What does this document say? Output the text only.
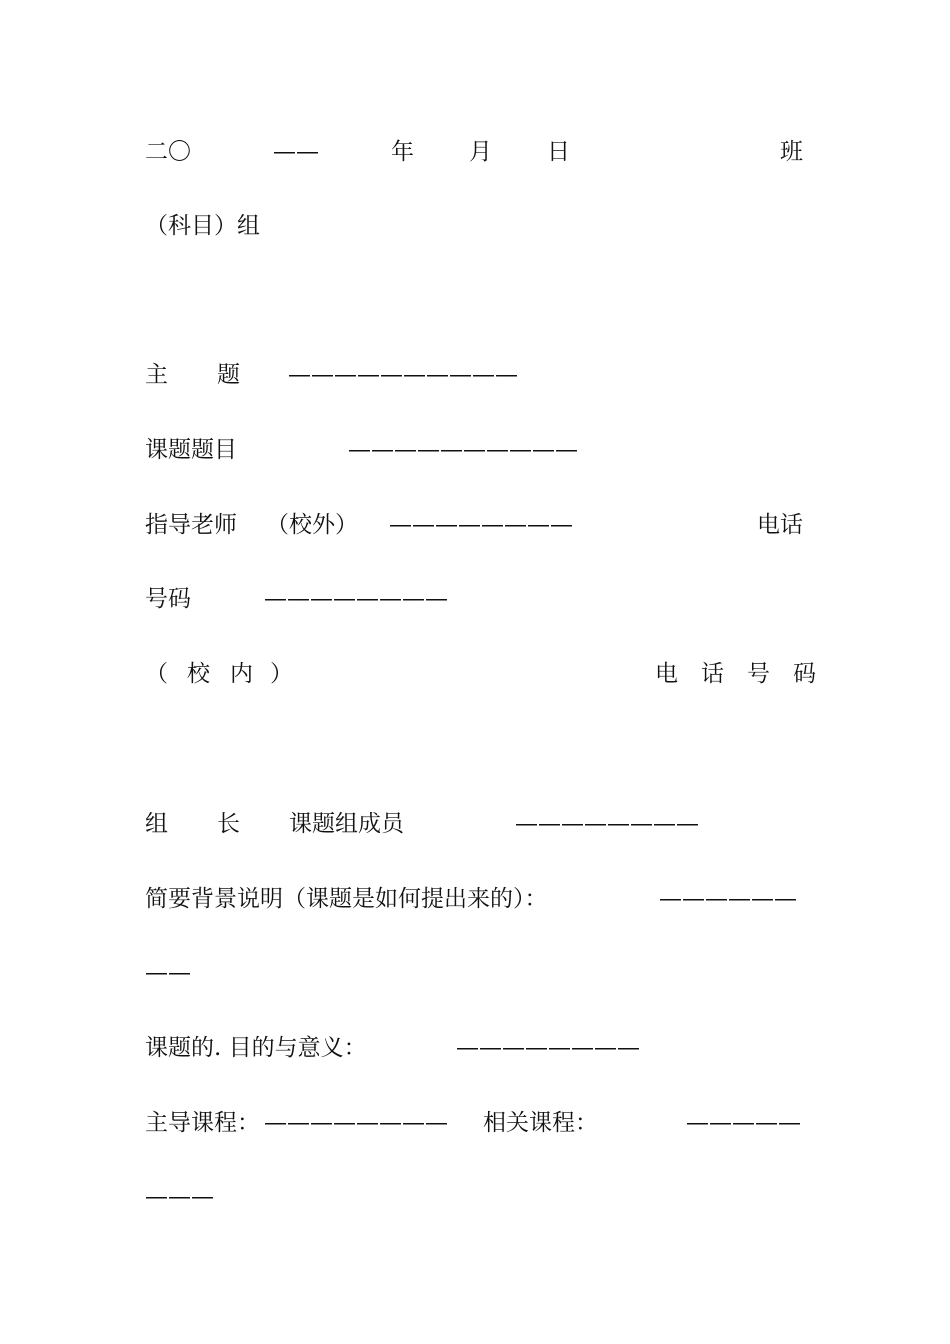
二〇	——	年 月 日	班
（科目）组
主 题 ——————————
课题题目	——————————
指导老师 （校外） ————————	电话
号码	————————
（ 校 内 ）	电　话　号　码
组 长 课题组成员	————————
简要背景说明（课题是如何提出来的）：	——————
——
课题的. 目的与意义：	————————
主导课程： ———————— 相关课程：	—————
———
